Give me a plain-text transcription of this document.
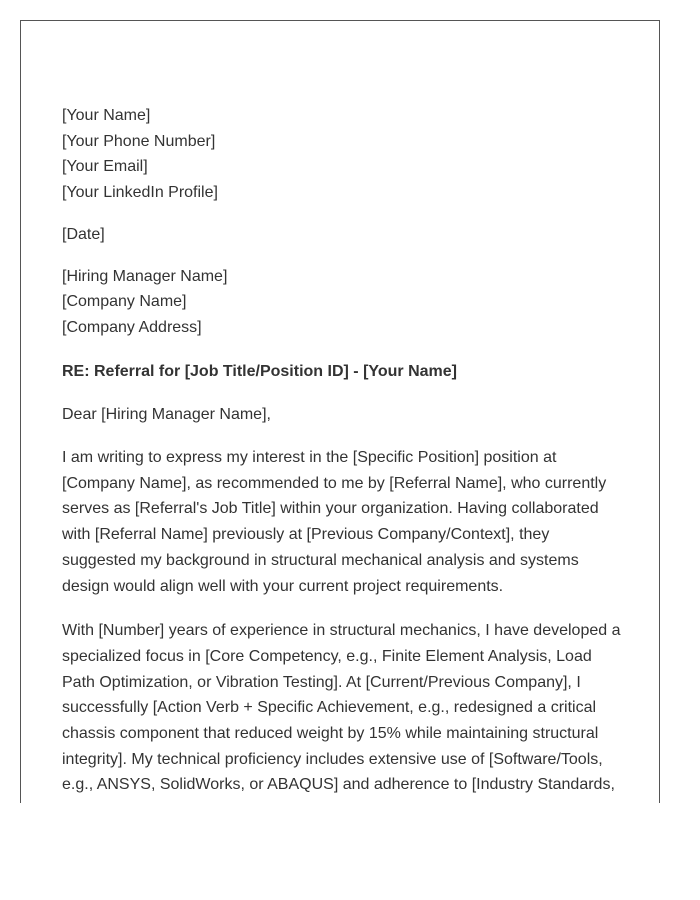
[Your Name]
[Your Phone Number]
[Your Email]
[Your LinkedIn Profile]
[Date]
[Hiring Manager Name]
[Company Name]
[Company Address]
RE: Referral for [Job Title/Position ID] - [Your Name]
Dear [Hiring Manager Name],
I am writing to express my interest in the [Specific Position] position at
[Company Name], as recommended to me by [Referral Name], who currently
serves as [Referral's Job Title] within your organization. Having collaborated
with [Referral Name] previously at [Previous Company/Context], they
suggested my background in structural mechanical analysis and systems
design would align well with your current project requirements.
With [Number] years of experience in structural mechanics, I have developed a
specialized focus in [Core Competency, e.g., Finite Element Analysis, Load
Path Optimization, or Vibration Testing]. At [Current/Previous Company], I
successfully [Action Verb + Specific Achievement, e.g., redesigned a critical
chassis component that reduced weight by 15% while maintaining structural
integrity]. My technical proficiency includes extensive use of [Software/Tools,
e.g., ANSYS, SolidWorks, or ABAQUS] and adherence to [Industry Standards,
